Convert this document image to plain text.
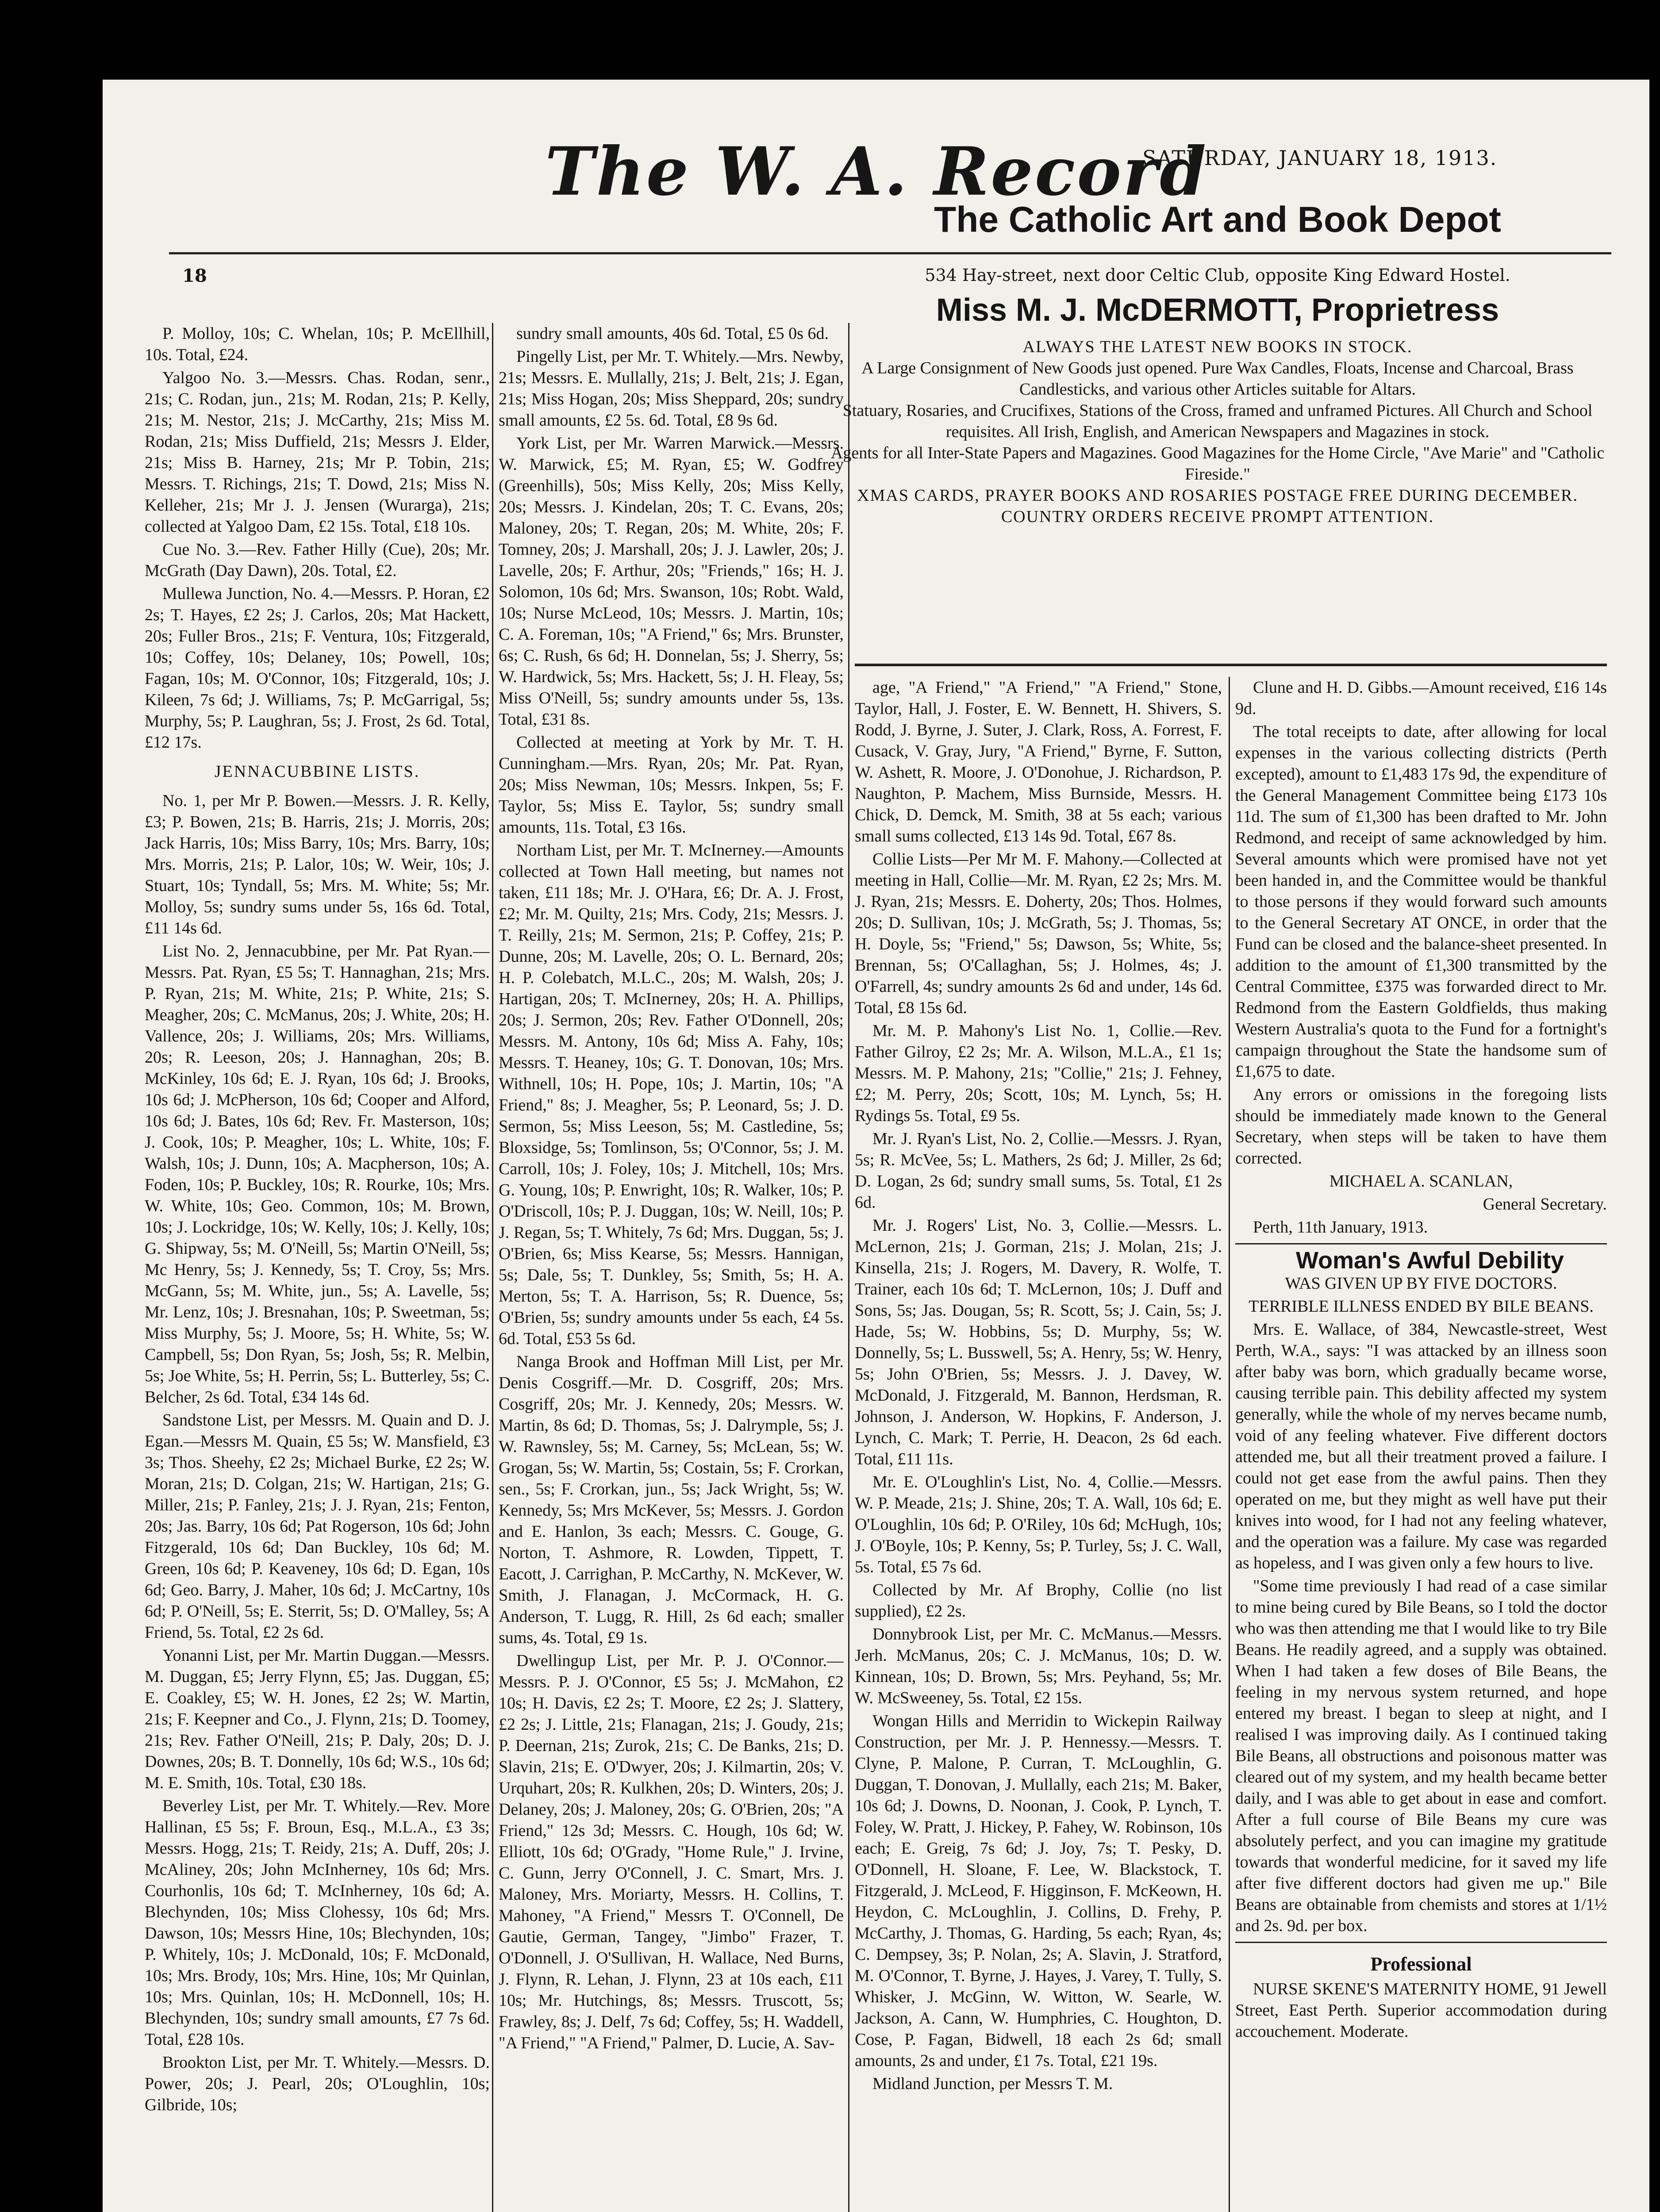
18
The W. A. Record
SATURDAY, JANUARY 18, 1913.

P. Molloy, 10s; C. Whelan, 10s; P. McEllhill, 10s. Total, £24.

Yalgoo No. 3.—Messrs. Chas. Rodan, senr., 21s; C. Rodan, jun., 21s; M. Rodan, 21s; P. Kelly, 21s; M. Nestor, 21s; J. McCarthy, 21s; Miss M. Rodan, 21s; Miss Duffield, 21s; Messrs J. Elder, 21s; Miss B. Harney, 21s; Mr P. Tobin, 21s; Messrs. T. Richings, 21s; T. Dowd, 21s; Miss N. Kelleher, 21s; Mr J. J. Jensen (Wurarga), 21s; collected at Yalgoo Dam, £2 15s. Total, £18 10s.

Cue No. 3.—Rev. Father Hilly (Cue), 20s; Mr. McGrath (Day Dawn), 20s. Total, £2.

Mullewa Junction, No. 4.—Messrs. P. Horan, £2 2s; T. Hayes, £2 2s; J. Carlos, 20s; Mat Hackett, 20s; Fuller Bros., 21s; F. Ventura, 10s; Fitzgerald, 10s; Coffey, 10s; Delaney, 10s; Powell, 10s; Fagan, 10s; M. O'Connor, 10s; Fitzgerald, 10s; J. Kileen, 7s 6d; J. Williams, 7s; P. McGarrigal, 5s; Murphy, 5s; P. Laughran, 5s; J. Frost, 2s 6d. Total, £12 17s.

JENNACUBBINE LISTS.

No. 1, per Mr P. Bowen.—Messrs. J. R. Kelly, £3; P. Bowen, 21s; B. Harris, 21s; J. Morris, 20s; Jack Harris, 10s; Miss Barry, 10s; Mrs. Barry, 10s; Mrs. Morris, 21s; P. Lalor, 10s; W. Weir, 10s; J. Stuart, 10s; Tyndall, 5s; Mrs. M. White; 5s; Mr. Molloy, 5s; sundry sums under 5s, 16s 6d. Total, £11 14s 6d.

List No. 2, Jennacubbine, per Mr. Pat Ryan.—Messrs. Pat. Ryan, £5 5s; T. Hannaghan, 21s; Mrs. P. Ryan, 21s; M. White, 21s; P. White, 21s; S. Meagher, 20s; C. McManus, 20s; J. White, 20s; H. Vallence, 20s; J. Williams, 20s; Mrs. Williams, 20s; R. Leeson, 20s; J. Hannaghan, 20s; B. McKinley, 10s 6d; E. J. Ryan, 10s 6d; J. Brooks, 10s 6d; J. McPherson, 10s 6d; Cooper and Alford, 10s 6d; J. Bates, 10s 6d; Rev. Fr. Masterson, 10s; J. Cook, 10s; P. Meagher, 10s; L. White, 10s; F. Walsh, 10s; J. Dunn, 10s; A. Macpherson, 10s; A. Foden, 10s; P. Buckley, 10s; R. Rourke, 10s; Mrs. W. White, 10s; Geo. Common, 10s; M. Brown, 10s; J. Lockridge, 10s; W. Kelly, 10s; J. Kelly, 10s; G. Shipway, 5s; M. O'Neill, 5s; Martin O'Neill, 5s; Mc Henry, 5s; J. Kennedy, 5s; T. Croy, 5s; Mrs. McGann, 5s; M. White, jun., 5s; A. Lavelle, 5s; Mr. Lenz, 10s; J. Bresnahan, 10s; P. Sweetman, 5s; Miss Murphy, 5s; J. Moore, 5s; H. White, 5s; W. Campbell, 5s; Don Ryan, 5s; Josh, 5s; R. Melbin, 5s; Joe White, 5s; H. Perrin, 5s; L. Butterley, 5s; C. Belcher, 2s 6d. Total, £34 14s 6d.

Sandstone List, per Messrs. M. Quain and D. J. Egan.—Messrs M. Quain, £5 5s; W. Mansfield, £3 3s; Thos. Sheehy, £2 2s; Michael Burke, £2 2s; W. Moran, 21s; D. Colgan, 21s; W. Hartigan, 21s; G. Miller, 21s; P. Fanley, 21s; J. J. Ryan, 21s; Fenton, 20s; Jas. Barry, 10s 6d; Pat Rogerson, 10s 6d; John Fitzgerald, 10s 6d; Dan Buckley, 10s 6d; M. Green, 10s 6d; P. Keaveney, 10s 6d; D. Egan, 10s 6d; Geo. Barry, J. Maher, 10s 6d; J. McCartny, 10s 6d; P. O'Neill, 5s; E. Sterrit, 5s; D. O'Malley, 5s; A Friend, 5s. Total, £2 2s 6d.

Yonanni List, per Mr. Martin Duggan.—Messrs. M. Duggan, £5; Jerry Flynn, £5; Jas. Duggan, £5; E. Coakley, £5; W. H. Jones, £2 2s; W. Martin, 21s; F. Keepner and Co., J. Flynn, 21s; D. Toomey, 21s; Rev. Father O'Neill, 21s; P. Daly, 20s; D. J. Downes, 20s; B. T. Donnelly, 10s 6d; W.S., 10s 6d; M. E. Smith, 10s. Total, £30 18s.

Beverley List, per Mr. T. Whitely.—Rev. More Hallinan, £5 5s; F. Broun, Esq., M.L.A., £3 3s; Messrs. Hogg, 21s; T. Reidy, 21s; A. Duff, 20s; J. McAliney, 20s; John McInherney, 10s 6d; Mrs. Courhonlis, 10s 6d; T. McInherney, 10s 6d; A. Blechynden, 10s; Miss Clohessy, 10s 6d; Mrs. Dawson, 10s; Messrs Hine, 10s; Blechynden, 10s; P. Whitely, 10s; J. McDonald, 10s; F. McDonald, 10s; Mrs. Brody, 10s; Mrs. Hine, 10s; Mr Quinlan, 10s; Mrs. Quinlan, 10s; H. McDonnell, 10s; H. Blechynden, 10s; sundry small amounts, £7 7s 6d. Total, £28 10s.

Brookton List, per Mr. T. Whitely.—Messrs. D. Power, 20s; J. Pearl, 20s; O'Loughlin, 10s; Gilbride, 10s;

sundry small amounts, 40s 6d. Total, £5 0s 6d.

Pingelly List, per Mr. T. Whitely.—Mrs. Newby, 21s; Messrs. E. Mullally, 21s; J. Belt, 21s; J. Egan, 21s; Miss Hogan, 20s; Miss Sheppard, 20s; sundry small amounts, £2 5s. 6d. Total, £8 9s 6d.

York List, per Mr. Warren Marwick.—Messrs. W. Marwick, £5; M. Ryan, £5; W. Godfrey (Greenhills), 50s; Miss Kelly, 20s; Miss Kelly, 20s; Messrs. J. Kindelan, 20s; T. C. Evans, 20s; Maloney, 20s; T. Regan, 20s; M. White, 20s; F. Tomney, 20s; J. Marshall, 20s; J. J. Lawler, 20s; J. Lavelle, 20s; F. Arthur, 20s; "Friends," 16s; H. J. Solomon, 10s 6d; Mrs. Swanson, 10s; Robt. Wald, 10s; Nurse McLeod, 10s; Messrs. J. Martin, 10s; C. A. Foreman, 10s; "A Friend," 6s; Mrs. Brunster, 6s; C. Rush, 6s 6d; H. Donnelan, 5s; J. Sherry, 5s; W. Hardwick, 5s; Mrs. Hackett, 5s; J. H. Fleay, 5s; Miss O'Neill, 5s; sundry amounts under 5s, 13s. Total, £31 8s.

Collected at meeting at York by Mr. T. H. Cunningham.—Mrs. Ryan, 20s; Mr. Pat. Ryan, 20s; Miss Newman, 10s; Messrs. Inkpen, 5s; F. Taylor, 5s; Miss E. Taylor, 5s; sundry small amounts, 11s. Total, £3 16s.

Northam List, per Mr. T. McInerney.—Amounts collected at Town Hall meeting, but names not taken, £11 18s; Mr. J. O'Hara, £6; Dr. A. J. Frost, £2; Mr. M. Quilty, 21s; Mrs. Cody, 21s; Messrs. J. T. Reilly, 21s; M. Sermon, 21s; P. Coffey, 21s; P. Dunne, 20s; M. Lavelle, 20s; O. L. Bernard, 20s; H. P. Colebatch, M.L.C., 20s; M. Walsh, 20s; J. Hartigan, 20s; T. McInerney, 20s; H. A. Phillips, 20s; J. Sermon, 20s; Rev. Father O'Donnell, 20s; Messrs. M. Antony, 10s 6d; Miss A. Fahy, 10s; Messrs. T. Heaney, 10s; G. T. Donovan, 10s; Mrs. Withnell, 10s; H. Pope, 10s; J. Martin, 10s; "A Friend," 8s; J. Meagher, 5s; P. Leonard, 5s; J. D. Sermon, 5s; Miss Leeson, 5s; M. Castledine, 5s; Bloxsidge, 5s; Tomlinson, 5s; O'Connor, 5s; J. M. Carroll, 10s; J. Foley, 10s; J. Mitchell, 10s; Mrs. G. Young, 10s; P. Enwright, 10s; R. Walker, 10s; P. O'Driscoll, 10s; P. J. Duggan, 10s; W. Neill, 10s; P. J. Regan, 5s; T. Whitely, 7s 6d; Mrs. Duggan, 5s; J. O'Brien, 6s; Miss Kearse, 5s; Messrs. Hannigan, 5s; Dale, 5s; T. Dunkley, 5s; Smith, 5s; H. A. Merton, 5s; T. A. Harrison, 5s; R. Duence, 5s; O'Brien, 5s; sundry amounts under 5s each, £4 5s. 6d. Total, £53 5s 6d.

Nanga Brook and Hoffman Mill List, per Mr. Denis Cosgriff.—Mr. D. Cosgriff, 20s; Mrs. Cosgriff, 20s; Mr. J. Kennedy, 20s; Messrs. W. Martin, 8s 6d; D. Thomas, 5s; J. Dalrymple, 5s; J. W. Rawnsley, 5s; M. Carney, 5s; McLean, 5s; W. Grogan, 5s; W. Martin, 5s; Costain, 5s; F. Crorkan, sen., 5s; F. Crorkan, jun., 5s; Jack Wright, 5s; W. Kennedy, 5s; Mrs McKever, 5s; Messrs. J. Gordon and E. Hanlon, 3s each; Messrs. C. Gouge, G. Norton, T. Ashmore, R. Lowden, Tippett, T. Eacott, J. Carrighan, P. McCarthy, N. McKever, W. Smith, J. Flanagan, J. McCormack, H. G. Anderson, T. Lugg, R. Hill, 2s 6d each; smaller sums, 4s. Total, £9 1s.

Dwellingup List, per Mr. P. J. O'Connor.—Messrs. P. J. O'Connor, £5 5s; J. McMahon, £2 10s; H. Davis, £2 2s; T. Moore, £2 2s; J. Slattery, £2 2s; J. Little, 21s; Flanagan, 21s; J. Goudy, 21s; P. Deernan, 21s; Zurok, 21s; C. De Banks, 21s; D. Slavin, 21s; E. O'Dwyer, 20s; J. Kilmartin, 20s; V. Urquhart, 20s; R. Kulkhen, 20s; D. Winters, 20s; J. Delaney, 20s; J. Maloney, 20s; G. O'Brien, 20s; "A Friend," 12s 3d; Messrs. C. Hough, 10s 6d; W. Elliott, 10s 6d; O'Grady, "Home Rule," J. Irvine, C. Gunn, Jerry O'Connell, J. C. Smart, Mrs. J. Maloney, Mrs. Moriarty, Messrs. H. Collins, T. Mahoney, "A Friend," Messrs T. O'Connell, De Gautie, German, Tangey, "Jimbo" Frazer, T. O'Donnell, J. O'Sullivan, H. Wallace, Ned Burns, J. Flynn, R. Lehan, J. Flynn, 23 at 10s each, £11 10s; Mr. Hutchings, 8s; Messrs. Truscott, 5s; Frawley, 8s; J. Delf, 7s 6d; Coffey, 5s; H. Waddell, "A Friend," "A Friend," Palmer, D. Lucie, A. Sav-

The Catholic Art and Book Depot
534 Hay-street, next door Celtic Club, opposite King Edward Hostel.
Miss M. J. McDERMOTT, Proprietress

ALWAYS THE LATEST NEW BOOKS IN STOCK.

A Large Consignment of New Goods just opened. Pure Wax Candles, Floats, Incense and Charcoal, Brass Candlesticks, and various other Articles suitable for Altars.

Statuary, Rosaries, and Crucifixes, Stations of the Cross, framed and unframed Pictures. All Church and School requisites. All Irish, English, and American Newspapers and Magazines in stock.

Agents for all Inter-State Papers and Magazines. Good Magazines for the Home Circle, "Ave Marie" and "Catholic Fireside."

XMAS CARDS, PRAYER BOOKS AND ROSARIES POSTAGE FREE DURING DECEMBER.

COUNTRY ORDERS RECEIVE PROMPT ATTENTION.

age, "A Friend," "A Friend," "A Friend," Stone, Taylor, Hall, J. Foster, E. W. Bennett, H. Shivers, S. Rodd, J. Byrne, J. Suter, J. Clark, Ross, A. Forrest, F. Cusack, V. Gray, Jury, "A Friend," Byrne, F. Sutton, W. Ashett, R. Moore, J. O'Donohue, J. Richardson, P. Naughton, P. Machem, Miss Burnside, Messrs. H. Chick, D. Demck, M. Smith, 38 at 5s each; various small sums collected, £13 14s 9d. Total, £67 8s.

Collie Lists—Per Mr M. F. Mahony.—Collected at meeting in Hall, Collie—Mr. M. Ryan, £2 2s; Mrs. M. J. Ryan, 21s; Messrs. E. Doherty, 20s; Thos. Holmes, 20s; D. Sullivan, 10s; J. McGrath, 5s; J. Thomas, 5s; H. Doyle, 5s; "Friend," 5s; Dawson, 5s; White, 5s; Brennan, 5s; O'Callaghan, 5s; J. Holmes, 4s; J. O'Farrell, 4s; sundry amounts 2s 6d and under, 14s 6d. Total, £8 15s 6d.

Mr. M. P. Mahony's List No. 1, Collie.—Rev. Father Gilroy, £2 2s; Mr. A. Wilson, M.L.A., £1 1s; Messrs. M. P. Mahony, 21s; "Collie," 21s; J. Fehney, £2; M. Perry, 20s; Scott, 10s; M. Lynch, 5s; H. Rydings 5s. Total, £9 5s.

Mr. J. Ryan's List, No. 2, Collie.—Messrs. J. Ryan, 5s; R. McVee, 5s; L. Mathers, 2s 6d; J. Miller, 2s 6d; D. Logan, 2s 6d; sundry small sums, 5s. Total, £1 2s 6d.

Mr. J. Rogers' List, No. 3, Collie.—Messrs. L. McLernon, 21s; J. Gorman, 21s; J. Molan, 21s; J. Kinsella, 21s; J. Rogers, M. Davery, R. Wolfe, T. Trainer, each 10s 6d; T. McLernon, 10s; J. Duff and Sons, 5s; Jas. Dougan, 5s; R. Scott, 5s; J. Cain, 5s; J. Hade, 5s; W. Hobbins, 5s; D. Murphy, 5s; W. Donnelly, 5s; L. Busswell, 5s; A. Henry, 5s; W. Henry, 5s; John O'Brien, 5s; Messrs. J. J. Davey, W. McDonald, J. Fitzgerald, M. Bannon, Herdsman, R. Johnson, J. Anderson, W. Hopkins, F. Anderson, J. Lynch, C. Mark; T. Perrie, H. Deacon, 2s 6d each. Total, £11 11s.

Mr. E. O'Loughlin's List, No. 4, Collie.—Messrs. W. P. Meade, 21s; J. Shine, 20s; T. A. Wall, 10s 6d; E. O'Loughlin, 10s 6d; P. O'Riley, 10s 6d; McHugh, 10s; J. O'Boyle, 10s; P. Kenny, 5s; P. Turley, 5s; J. C. Wall, 5s. Total, £5 7s 6d.

Collected by Mr. Af Brophy, Collie (no list supplied), £2 2s.

Donnybrook List, per Mr. C. McManus.—Messrs. Jerh. McManus, 20s; C. J. McManus, 10s; D. W. Kinnean, 10s; D. Brown, 5s; Mrs. Peyhand, 5s; Mr. W. McSweeney, 5s. Total, £2 15s.

Wongan Hills and Merridin to Wickepin Railway Construction, per Mr. J. P. Hennessy.—Messrs. T. Clyne, P. Malone, P. Curran, T. McLoughlin, G. Duggan, T. Donovan, J. Mullally, each 21s; M. Baker, 10s 6d; J. Downs, D. Noonan, J. Cook, P. Lynch, T. Foley, W. Pratt, J. Hickey, P. Fahey, W. Robinson, 10s each; E. Greig, 7s 6d; J. Joy, 7s; T. Pesky, D. O'Donnell, H. Sloane, F. Lee, W. Blackstock, T. Fitzgerald, J. McLeod, F. Higginson, F. McKeown, H. Heydon, C. McLoughlin, J. Collins, D. Frehy, P. McCarthy, J. Thomas, G. Harding, 5s each; Ryan, 4s; C. Dempsey, 3s; P. Nolan, 2s; A. Slavin, J. Stratford, M. O'Connor, T. Byrne, J. Hayes, J. Varey, T. Tully, S. Whisker, J. McGinn, W. Witton, W. Searle, W. Jackson, A. Cann, W. Humphries, C. Houghton, D. Cose, P. Fagan, Bidwell, 18 each 2s 6d; small amounts, 2s and under, £1 7s. Total, £21 19s.

Midland Junction, per Messrs T. M.

Clune and H. D. Gibbs.—Amount received, £16 14s 9d.

The total receipts to date, after allowing for local expenses in the various collecting districts (Perth excepted), amount to £1,483 17s 9d, the expenditure of the General Management Committee being £173 10s 11d. The sum of £1,300 has been drafted to Mr. John Redmond, and receipt of same acknowledged by him. Several amounts which were promised have not yet been handed in, and the Committee would be thankful to those persons if they would forward such amounts to the General Secretary AT ONCE, in order that the Fund can be closed and the balance-sheet presented. In addition to the amount of £1,300 transmitted by the Central Committee, £375 was forwarded direct to Mr. Redmond from the Eastern Goldfields, thus making Western Australia's quota to the Fund for a fortnight's campaign throughout the State the handsome sum of £1,675 to date.

Any errors or omissions in the foregoing lists should be immediately made known to the General Secretary, when steps will be taken to have them corrected.

MICHAEL A. SCANLAN,

General Secretary.

Perth, 11th January, 1913.

Woman's Awful Debility

WAS GIVEN UP BY FIVE DOCTORS.

TERRIBLE ILLNESS ENDED BY BILE BEANS.

Mrs. E. Wallace, of 384, Newcastle-street, West Perth, W.A., says: "I was attacked by an illness soon after baby was born, which gradually became worse, causing terrible pain. This debility affected my system generally, while the whole of my nerves became numb, void of any feeling whatever. Five different doctors attended me, but all their treatment proved a failure. I could not get ease from the awful pains. Then they operated on me, but they might as well have put their knives into wood, for I had not any feeling whatever, and the operation was a failure. My case was regarded as hopeless, and I was given only a few hours to live.

"Some time previously I had read of a case similar to mine being cured by Bile Beans, so I told the doctor who was then attending me that I would like to try Bile Beans. He readily agreed, and a supply was obtained. When I had taken a few doses of Bile Beans, the feeling in my nervous system returned, and hope entered my breast. I began to sleep at night, and I realised I was improving daily. As I continued taking Bile Beans, all obstructions and poisonous matter was cleared out of my system, and my health became better daily, and I was able to get about in ease and comfort. After a full course of Bile Beans my cure was absolutely perfect, and you can imagine my gratitude towards that wonderful medicine, for it saved my life after five different doctors had given me up." Bile Beans are obtainable from chemists and stores at 1/1½ and 2s. 9d. per box.

Professional

NURSE SKENE'S MATERNITY HOME, 91 Jewell Street, East Perth. Superior accommodation during accouchement. Moderate.
